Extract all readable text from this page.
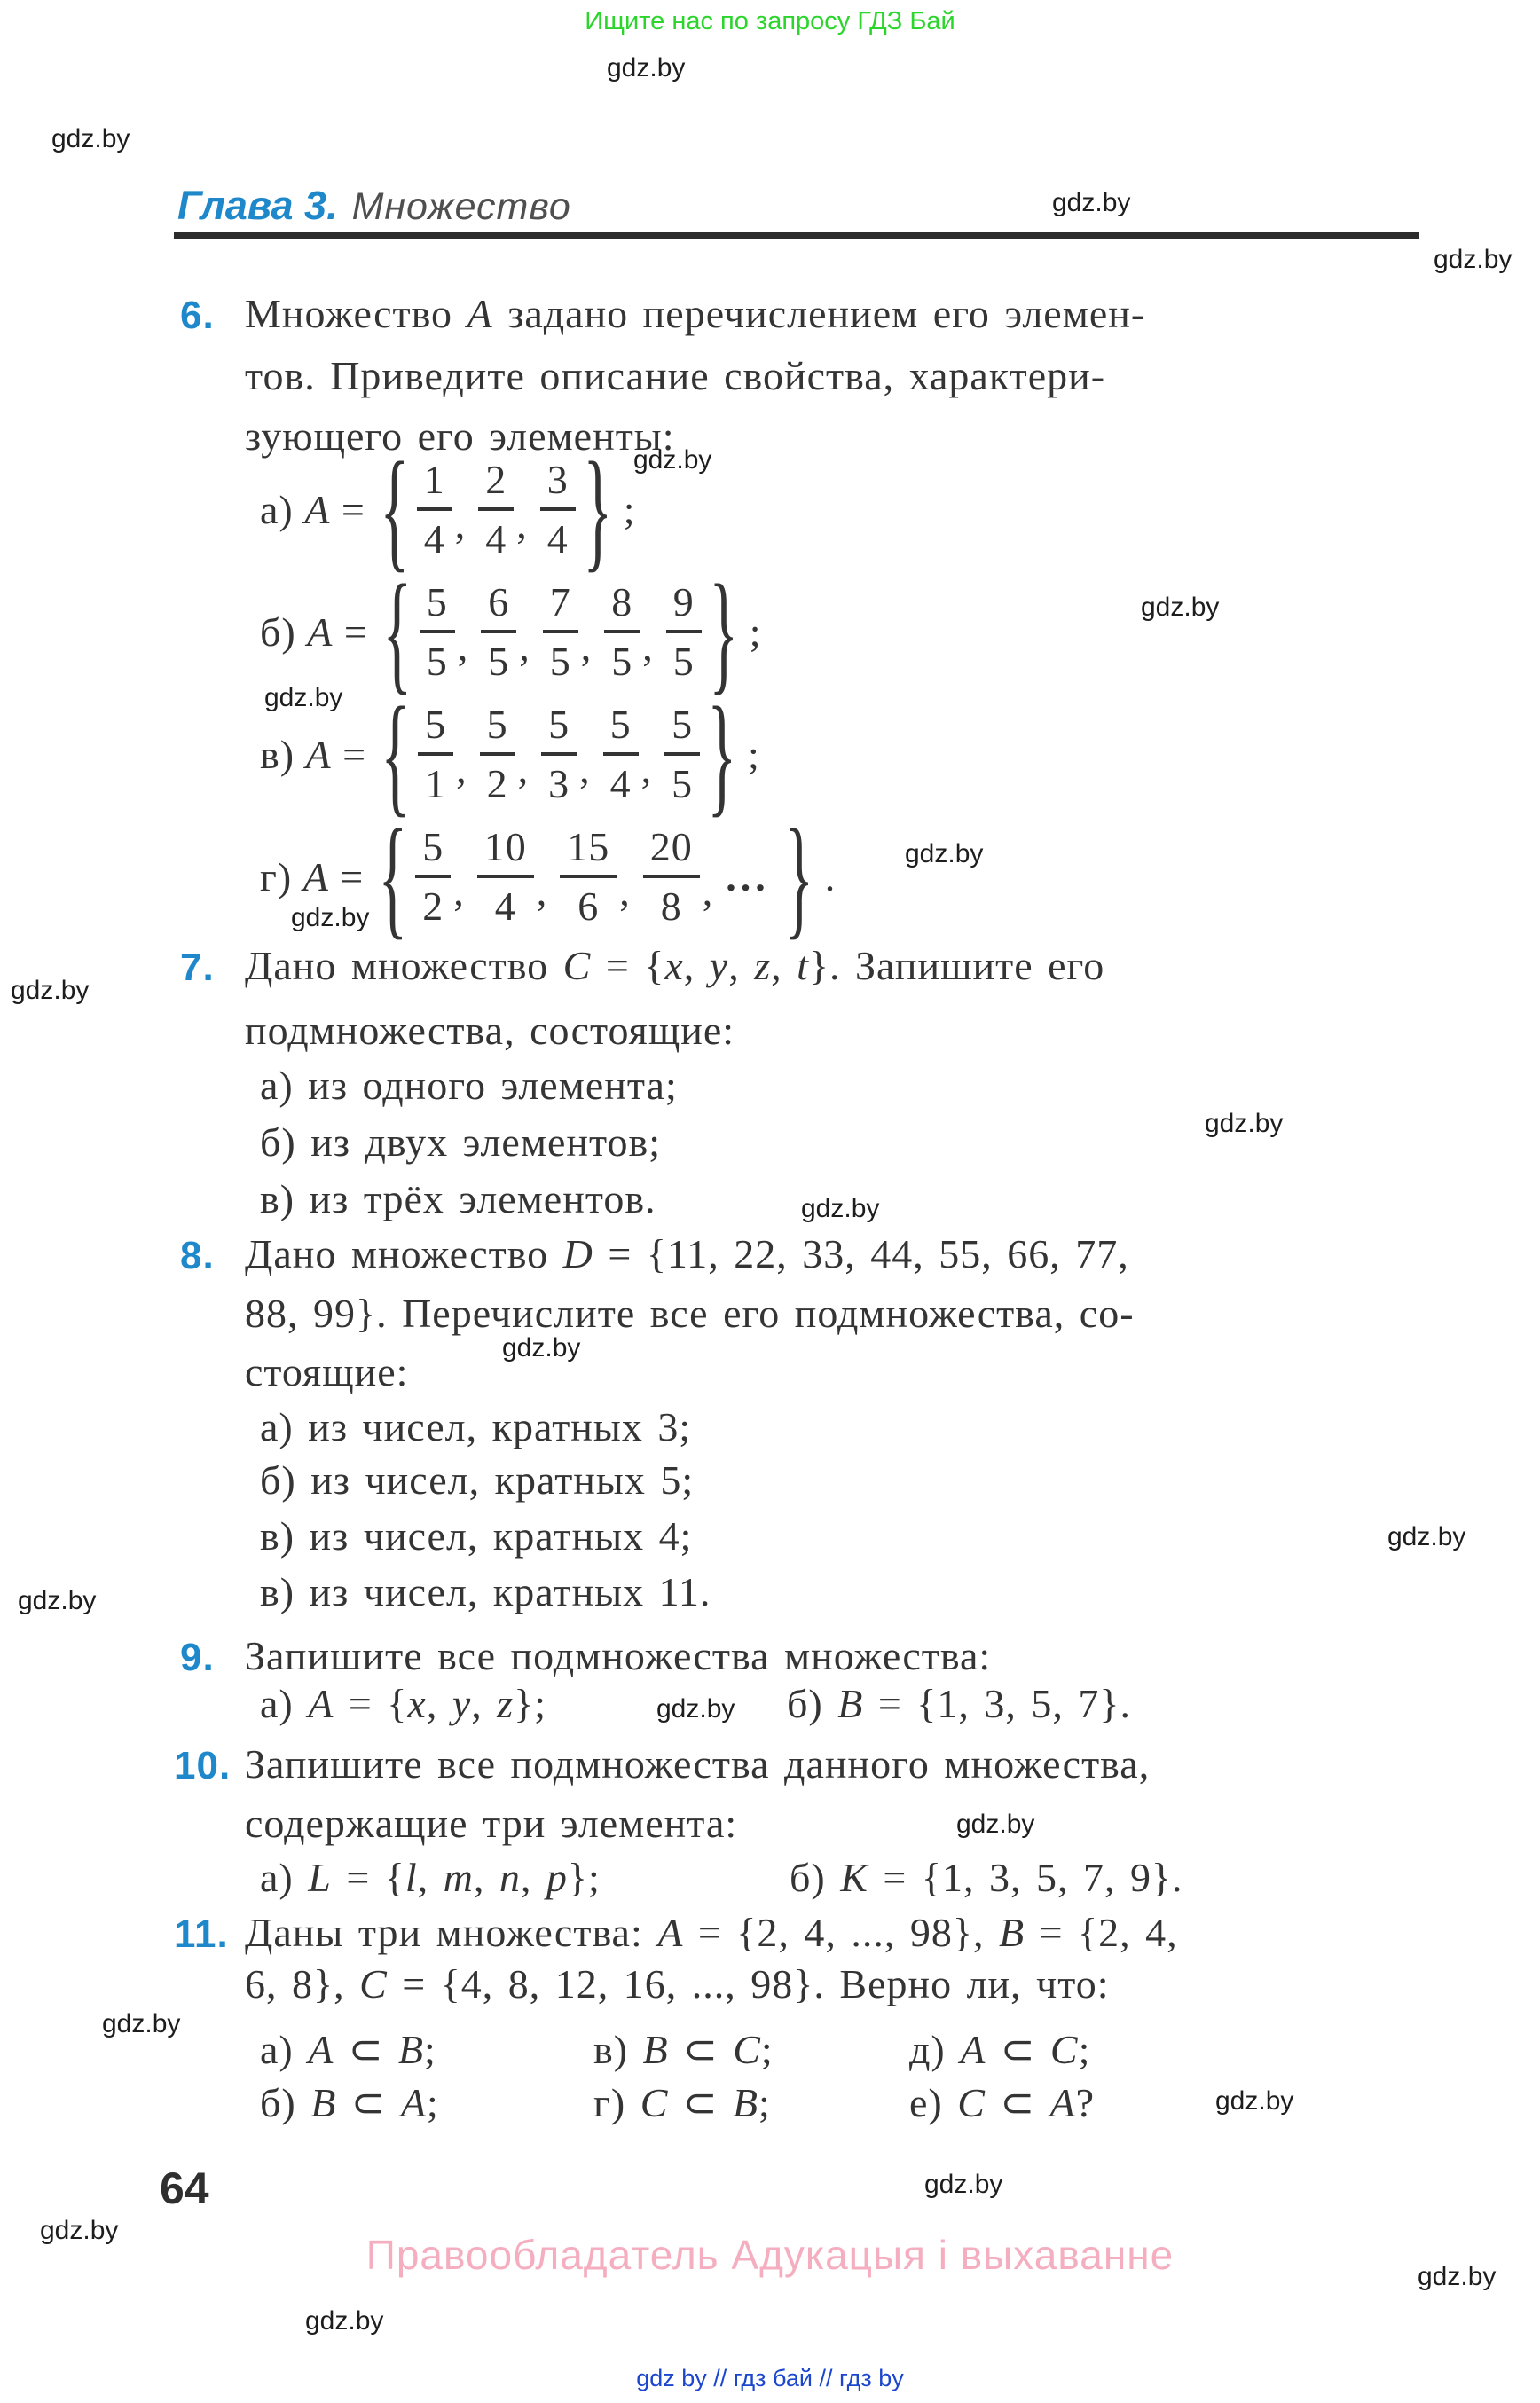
Ищите нас по запросу ГДЗ Бай
gdz.by
gdz.by
gdz.by
gdz.by
Глава 3. Множество
6. Множество A задано перечислением его элемен-
тов. Приведите описание свойства, характери-
зующего его элементы:
а) A = { $\frac{1}{4}$ , $\frac{2}{4}$ , $\frac{3}{4}$ } ;
gdz.by
б) A = { $\frac{5}{5}$ , $\frac{6}{5}$ , $\frac{7}{5}$ , $\frac{8}{5}$ , $\frac{9}{5}$ } ;
gdz.by
gdz.by
в) A = { $\frac{5}{1}$ , $\frac{5}{2}$ , $\frac{5}{3}$ , $\frac{5}{4}$ , $\frac{5}{5}$ } ;
г) A = { $\frac{5}{2}$ , $\frac{10}{4}$ , $\frac{15}{6}$ , $\frac{20}{8}$ , ... } .	gdz.by
gdz.by
7. Дано множество C = {x, y, z, t}. Запишите его
подмножества, состоящие:
gdz.by
а) из одного элемента;
б) из двух элементов;	gdz.by
в) из трёх элементов.	gdz.by
8. Дано множество D = {11, 22, 33, 44, 55, 66, 77,
88, 99}. Перечислите все его подмножества, со-
стоящие:
gdz.by
а) из чисел, кратных 3;
б) из чисел, кратных 5;
в) из чисел, кратных 4;	gdz.by
в) из чисел, кратных 11.
gdz.by
9. Запишите все подмножества множества:
а) A = {x, y, z};	gdz.by б) B = {1, 3, 5, 7}.
10. Запишите все подмножества данного множества,
содержащие три элемента:	gdz.by
а) L = {l, m, n, p};	б) K = {1, 3, 5, 7, 9}.
11. Даны три множества: A = {2, 4, ..., 98}, B = {2, 4,
6, 8}, C = {4, 8, 12, 16, ..., 98}. Верно ли, что:
gdz.by
а) A ⊂ B;	в) B ⊂ C;	д) A ⊂ C;
б) B ⊂ A;	г) C ⊂ B;	е) C ⊂ A?	gdz.by
64	gdz.by
gdz.by
Правообладатель Адукацыя і выхаванне	gdz.by
gdz.by
gdz by // гдз бай // гдз by
